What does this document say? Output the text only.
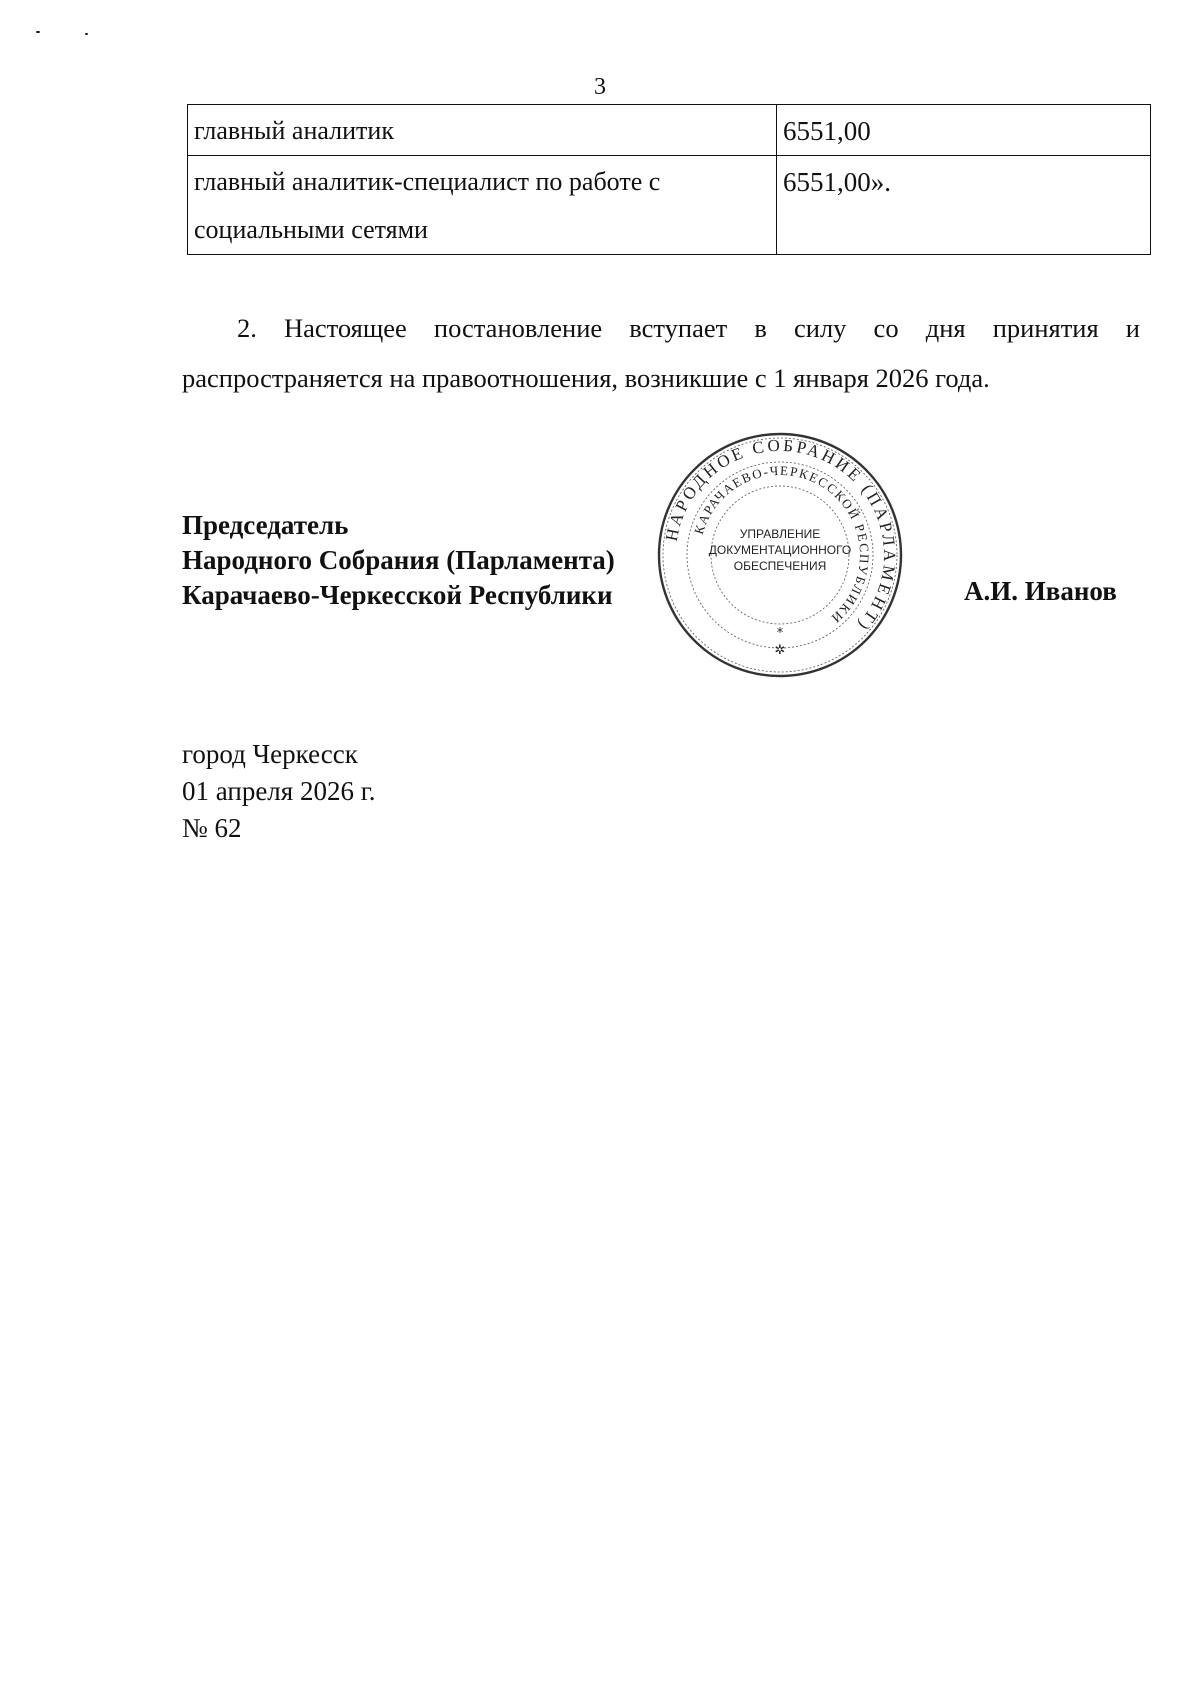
3
главный аналитик	6551,00
главный аналитик-специалист по работе с социальными сетями	6551,00».
2. Настоящее постановление вступает в силу со дня принятия и распространяется на правоотношения, возникшие с 1 января 2026 года.
Председатель
Народного Собрания (Парламента)
Карачаево-Черкесской Республики
НАРОДНОЕ СОБРАНИЕ (ПАРЛАМЕНТ)
КАРАЧАЕВО-ЧЕРКЕССКОЙ РЕСПУБЛИКИ
УПРАВЛЕНИЕ
ДОКУМЕНТАЦИОННОГО
ОБЕСПЕЧЕНИЯ
*
✲
А.И. Иванов
город Черкесск
01 апреля 2026 г.
№ 62
